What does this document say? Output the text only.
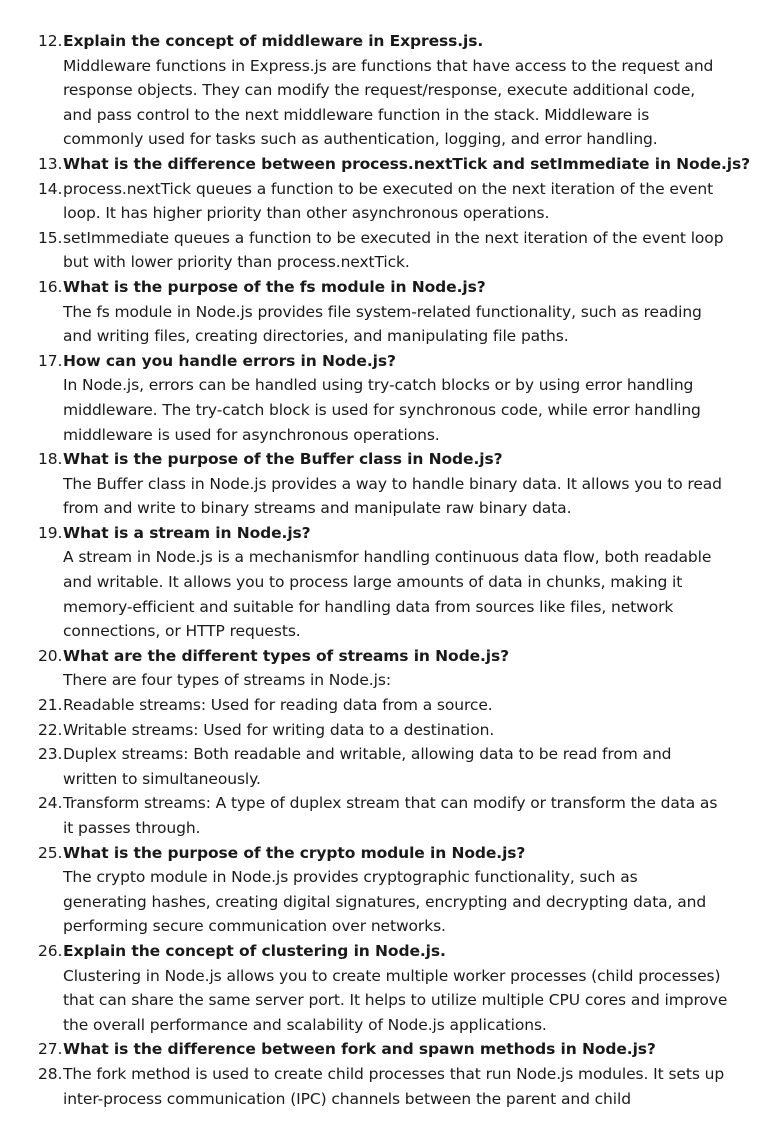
12. Explain the concept of middleware in Express.js.
Middleware functions in Express.js are functions that have access to the request and
response objects. They can modify the request/response, execute additional code,
and pass control to the next middleware function in the stack. Middleware is
commonly used for tasks such as authentication, logging, and error handling.
13. What is the difference between process.nextTick and setImmediate in Node.js?
14. process.nextTick queues a function to be executed on the next iteration of the event
loop. It has higher priority than other asynchronous operations.
15. setImmediate queues a function to be executed in the next iteration of the event loop
but with lower priority than process.nextTick.
16. What is the purpose of the fs module in Node.js?
The fs module in Node.js provides file system-related functionality, such as reading
and writing files, creating directories, and manipulating file paths.
17. How can you handle errors in Node.js?
In Node.js, errors can be handled using try-catch blocks or by using error handling
middleware. The try-catch block is used for synchronous code, while error handling
middleware is used for asynchronous operations.
18. What is the purpose of the Buffer class in Node.js?
The Buffer class in Node.js provides a way to handle binary data. It allows you to read
from and write to binary streams and manipulate raw binary data.
19. What is a stream in Node.js?
A stream in Node.js is a mechanismfor handling continuous data flow, both readable
and writable. It allows you to process large amounts of data in chunks, making it
memory-efficient and suitable for handling data from sources like files, network
connections, or HTTP requests.
20. What are the different types of streams in Node.js?
There are four types of streams in Node.js:
21. Readable streams: Used for reading data from a source.
22. Writable streams: Used for writing data to a destination.
23. Duplex streams: Both readable and writable, allowing data to be read from and
written to simultaneously.
24. Transform streams: A type of duplex stream that can modify or transform the data as
it passes through.
25. What is the purpose of the crypto module in Node.js?
The crypto module in Node.js provides cryptographic functionality, such as
generating hashes, creating digital signatures, encrypting and decrypting data, and
performing secure communication over networks.
26. Explain the concept of clustering in Node.js.
Clustering in Node.js allows you to create multiple worker processes (child processes)
that can share the same server port. It helps to utilize multiple CPU cores and improve
the overall performance and scalability of Node.js applications.
27. What is the difference between fork and spawn methods in Node.js?
28. The fork method is used to create child processes that run Node.js modules. It sets up
inter-process communication (IPC) channels between the parent and child
